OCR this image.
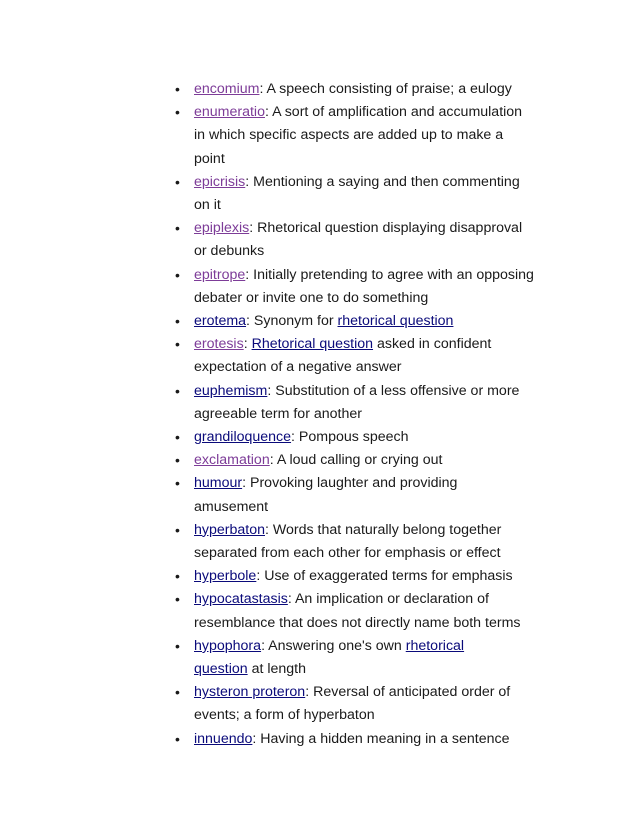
• encomium: A speech consisting of praise; a eulogy
• enumeratio: A sort of amplification and accumulation
in which specific aspects are added up to make a
point
• epicrisis: Mentioning a saying and then commenting
on it
• epiplexis: Rhetorical question displaying disapproval
or debunks
• epitrope: Initially pretending to agree with an opposing
debater or invite one to do something
• erotema: Synonym for rhetorical question
• erotesis: Rhetorical question asked in confident
expectation of a negative answer
• euphemism: Substitution of a less offensive or more
agreeable term for another
• grandiloquence: Pompous speech
• exclamation: A loud calling or crying out
• humour: Provoking laughter and providing
amusement
• hyperbaton: Words that naturally belong together
separated from each other for emphasis or effect
• hyperbole: Use of exaggerated terms for emphasis
• hypocatastasis: An implication or declaration of
resemblance that does not directly name both terms
• hypophora: Answering one's own rhetorical
question at length
• hysteron proteron: Reversal of anticipated order of
events; a form of hyperbaton
• innuendo: Having a hidden meaning in a sentence
